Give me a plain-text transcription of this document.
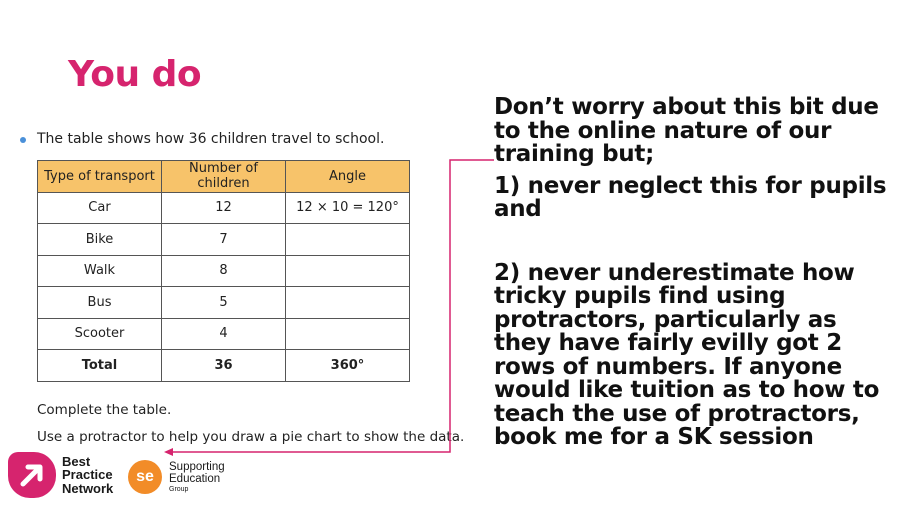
You do
The table shows how 36 children travel to school.
Type of transport	Number of children	Angle
Car	12	12 × 10 = 120°
Bike	7	
Walk	8	
Bus	5	
Scooter	4	
Total	36	360°
Complete the table.
Use a protractor to help you draw a pie chart to show the data.

Don’t worry about this bit due to the online nature of our training but;

1) never neglect this for pupils and

2) never underestimate how tricky pupils find using protractors, particularly as they have fairly evilly got 2 rows of numbers. If anyone would like tuition as to how to teach the use of protractors, book me for a SK session

Best
Practice
Network
se
Supporting
Education
Group
